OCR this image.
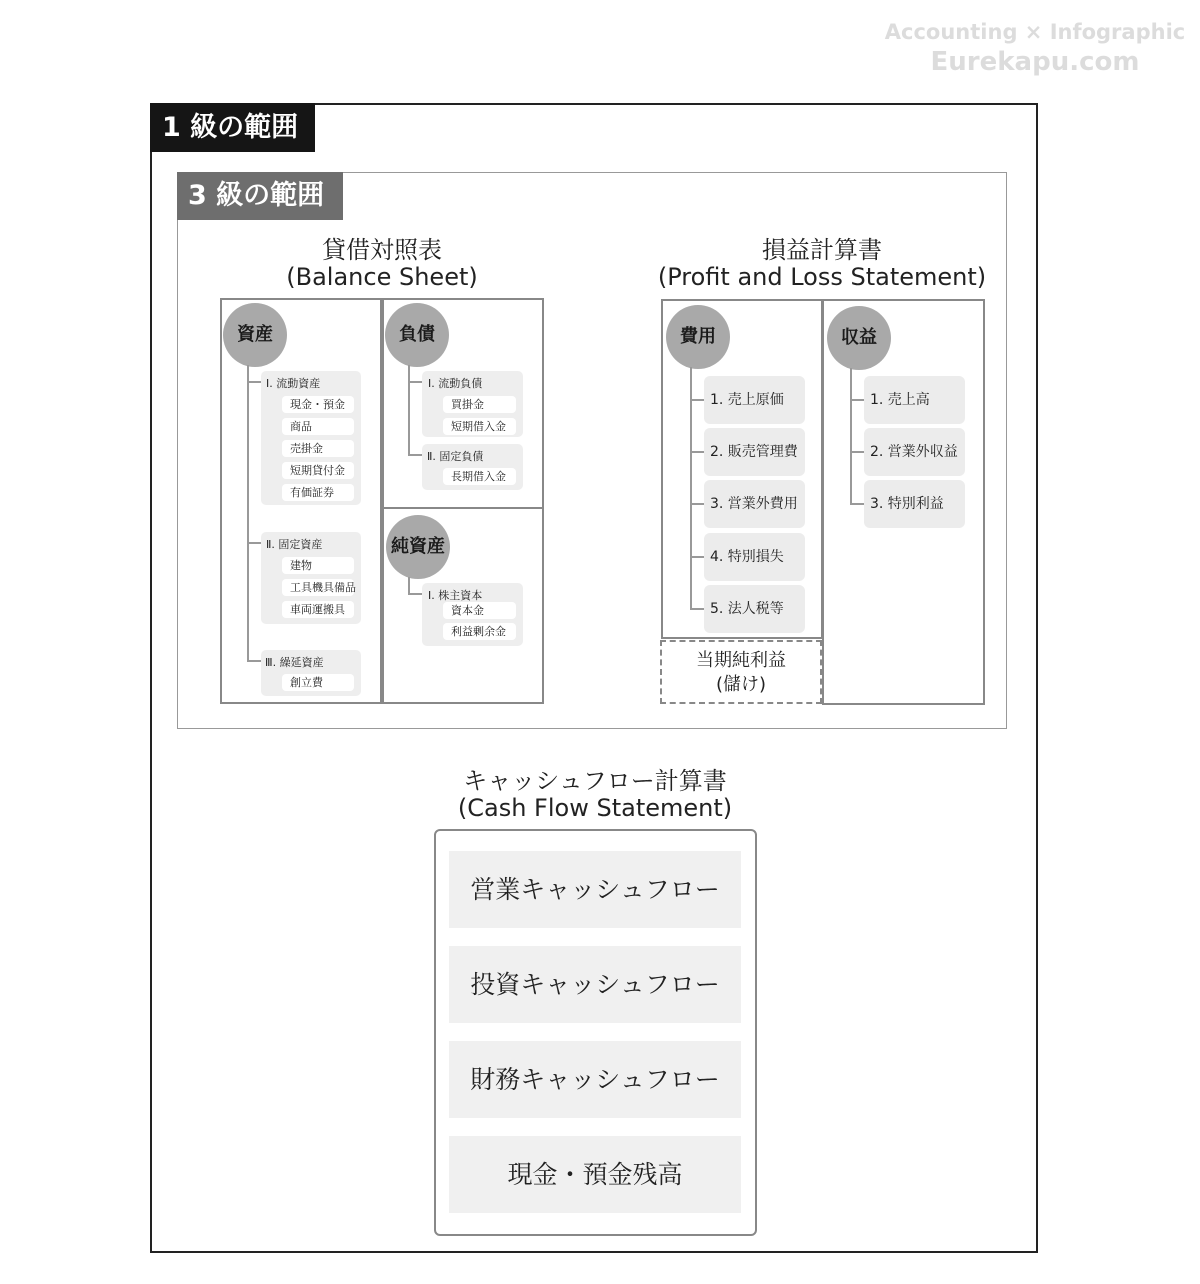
Accounting × Infographic
Eurekapu.com
1 級の範囲
3 級の範囲
貸借対照表
(Balance Sheet)
資産
Ⅰ. 流動資産
現金・預金
商品
売掛金
短期貸付金
有価証券
Ⅱ. 固定資産
建物
工具機具備品
車両運搬具
Ⅲ. 繰延資産
創立費
負債
Ⅰ. 流動負債
買掛金
短期借入金
Ⅱ. 固定負債
長期借入金
純資産
Ⅰ. 株主資本
資本金
利益剰余金
損益計算書
(Profit and Loss Statement)
費用
1. 売上原価
2. 販売管理費
3. 営業外費用
4. 特別損失
5. 法人税等
当期純利益
(儲け)
収益
1. 売上高
2. 営業外収益
3. 特別利益
キャッシュフロー計算書
(Cash Flow Statement)
営業キャッシュフロー
投資キャッシュフロー
財務キャッシュフロー
現金・預金残高
